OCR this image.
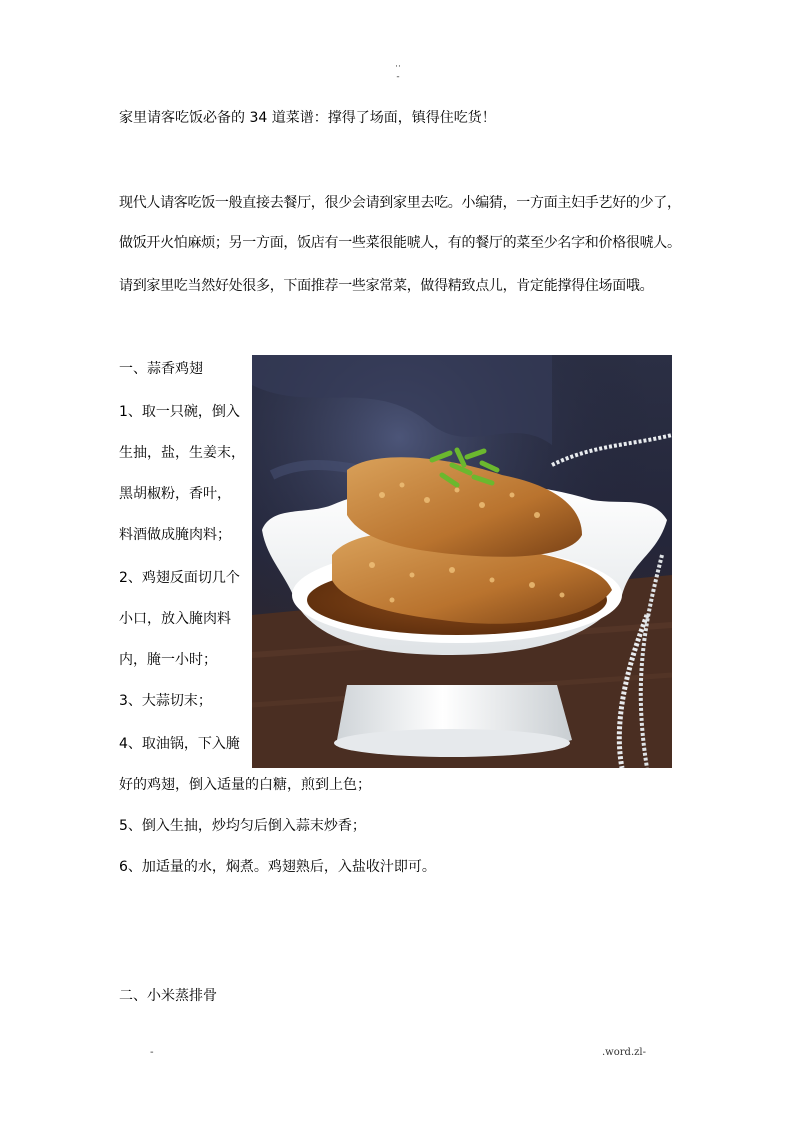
··
-
家里请客吃饭必备的 34 道菜谱：撑得了场面，镇得住吃货！
现代人请客吃饭一般直接去餐厅，很少会请到家里去吃。小编猜，一方面主妇手艺好的少了，
做饭开火怕麻烦；另一方面，饭店有一些菜很能唬人，有的餐厅的菜至少名字和价格很唬人。
请到家里吃当然好处很多，下面推荐一些家常菜，做得精致点儿，肯定能撑得住场面哦。
一、蒜香鸡翅
1、取一只碗，倒入
生抽，盐，生姜末，
黑胡椒粉，香叶，
料酒做成腌肉料；
2、鸡翅反面切几个
小口，放入腌肉料
内，腌一小时；
3、大蒜切末；
4、取油锅，下入腌
好的鸡翅，倒入适量的白糖，煎到上色；
5、倒入生抽，炒均匀后倒入蒜末炒香；
6、加适量的水，焖煮。鸡翅熟后，入盐收汁即可。
二、小米蒸排骨
-	.word.zl-
